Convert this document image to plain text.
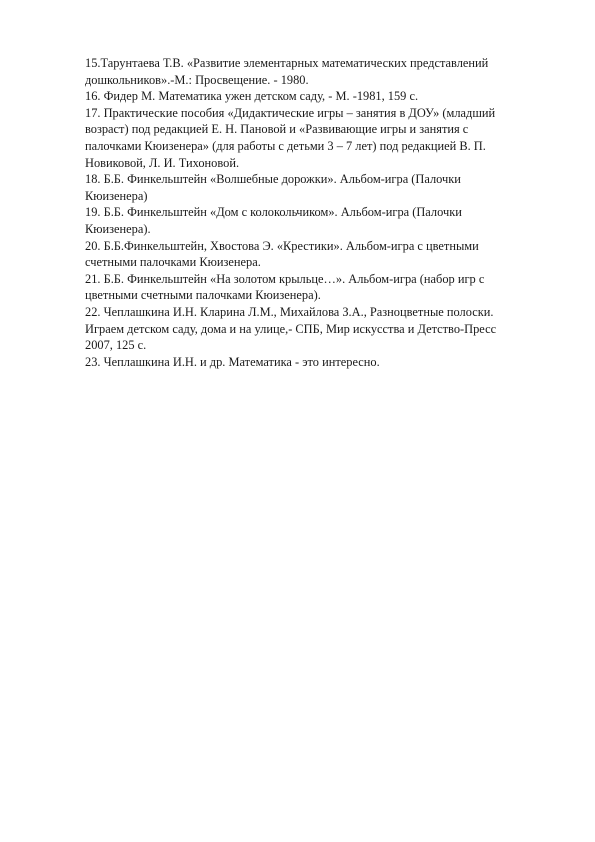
15.Тарунтаева Т.В. «Развитие элементарных математических представлений
дошкольников».-М.: Просвещение. - 1980.
16. Фидер М. Математика ужен детском саду, - М. -1981, 159 с.
17. Практические пособия «Дидактические игры – занятия в ДОУ» (младший
возраст) под редакцией Е. Н. Пановой и «Развивающие игры и занятия с
палочками Кюизенера» (для работы с детьми 3 – 7 лет) под редакцией В. П.
Новиковой, Л. И. Тихоновой.
18. Б.Б. Финкельштейн «Волшебные дорожки». Альбом-игра (Палочки
Кюизенера)
19. Б.Б. Финкельштейн «Дом с колокольчиком». Альбом-игра (Палочки
Кюизенера).
20. Б.Б.Финкельштейн, Хвостова Э. «Крестики». Альбом-игра с цветными
счетными палочками Кюизенера.
21. Б.Б. Финкельштейн «На золотом крыльце…». Альбом-игра (набор игр с
цветными счетными палочками Кюизенера).
22. Чеплашкина И.Н. Кларина Л.М., Михайлова З.А., Разноцветные полоски.
Играем детском саду, дома и на улице,- СПБ, Мир искусства и Детство-Пресс
2007, 125 с.
23. Чеплашкина И.Н. и др. Математика - это интересно.
